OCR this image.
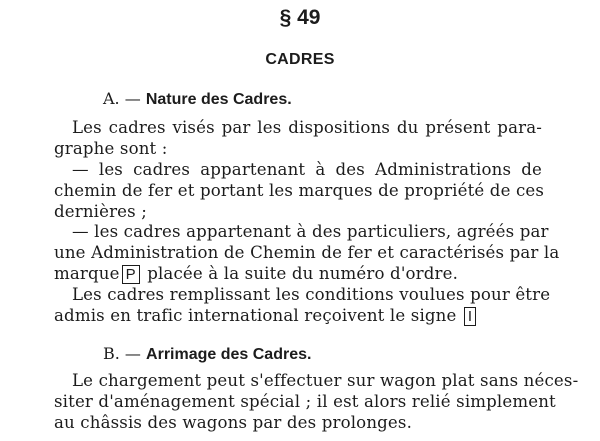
§ 49
CADRES
A. — Nature des Cadres.
Les cadres visés par les dispositions du présent para-
graphe sont :
— les cadres appartenant à des Administrations de
chemin de fer et portant les marques de propriété de ces
dernières ;
— les cadres appartenant à des particuliers, agréés par
une Administration de Chemin de fer et caractérisés par la
marque P placée à la suite du numéro d'ordre.
Les cadres remplissant les conditions voulues pour être
admis en trafic international reçoivent le signe I
B. — Arrimage des Cadres.
Le chargement peut s'effectuer sur wagon plat sans néces-
siter d'aménagement spécial ; il est alors relié simplement
au châssis des wagons par des prolonges.
